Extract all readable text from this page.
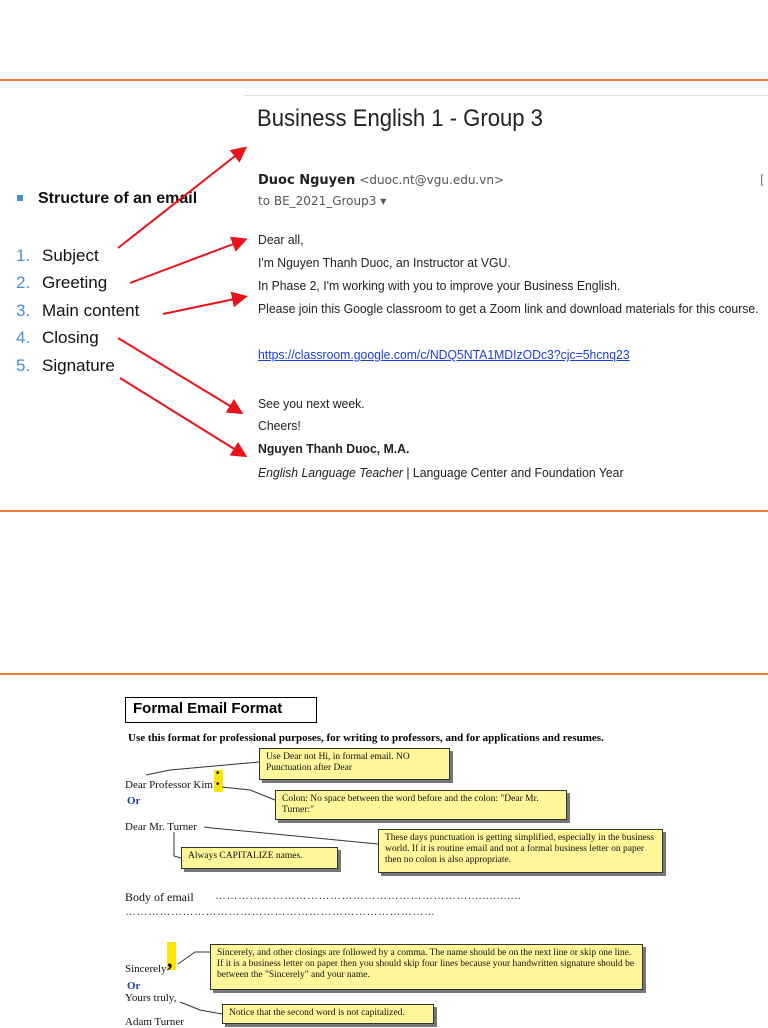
Structure of an email
1. Subject
2. Greeting
3. Main content
4. Closing
5. Signature
Business English 1 - Group 3
Duoc Nguyen <duoc.nt@vgu.edu.vn>	[
to BE_2021_Group3 ▾
Dear all,
I'm Nguyen Thanh Duoc, an Instructor at VGU.
In Phase 2, I'm working with you to improve your Business English.
Please join this Google classroom to get a Zoom link and download materials for this course.
https://classroom.google.com/c/NDQ5NTA1MDIzODc3?cjc=5hcnq23
See you next week.
Cheers!
Nguyen Thanh Duoc, M.A.
English Language Teacher | Language Center and Foundation Year
Formal Email Format
Use this format for professional purposes, for writing to professors, and for applications and resumes.
•
•
Dear Professor Kim
Or
Dear Mr. Turner
Use Dear not Hi, in formal email. NO Punctuation after Dear
Colon: No space between the word before and the colon: "Dear Mr. Turner:"
Always CAPITALIZE names.
These days punctuation is getting simplified, especially in the business world. If it is routine email and not a formal business letter on paper then no colon is also appropriate.
Body of email …………………………………………………………...............
………………………………………………………………………
Sincerely ,
Or
Yours truly,
Adam Turner
Sincerely, and other closings are followed by a comma. The name should be on the next line or skip one line. If it is a business letter on paper then you should skip four lines because your handwritten signature should be between the "Sincerely" and your name.
Notice that the second word is not capitalized.
